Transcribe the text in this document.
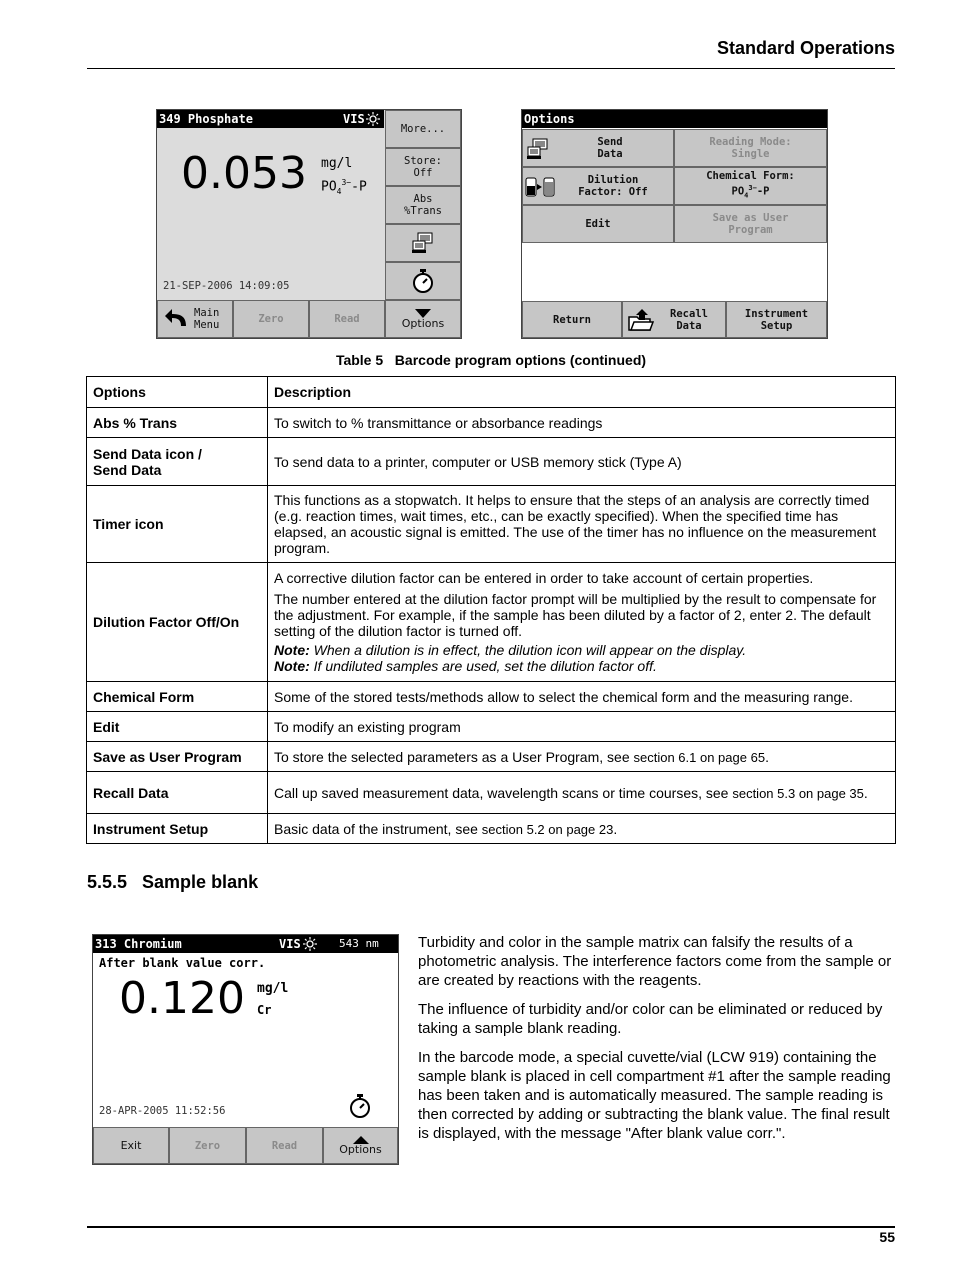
Standard Operations
349 Phosphate	VIS
0.053 mg/l
$PO_4^{3-}-P$
21-SEP-2006 14:09:05
More...
Store: Off
Abs %Trans
Options
Main Menu	Zero	Read
Options
Send Data
Reading Mode: Single
Dilution Factor: Off
Chemical Form:
$PO_4^{3-}-P$
Edit	Save as User Program
Return	Recall Data
Instrument Setup
Table 5   Barcode program options (continued)
Options	Description
Abs % Trans	To switch to % transmittance or absorbance readings

Send Data icon / Send Data	To send data to a printer, computer or USB memory stick (Type A)
Timer icon	This functions as a stopwatch. It helps to ensure that the steps of an analysis are correctly timed (e.g. reaction times, wait times, etc., can be exactly specified). When the specified time has elapsed, an acoustic signal is emitted. The use of the timer has no influence on the measurement program.
Dilution Factor Off/On	A corrective dilution factor can be entered in order to take account of certain properties.

The number entered at the dilution factor prompt will be multiplied by the result to compensate for the adjustment. For example, if the sample has been diluted by a factor of 2, enter 2. The default setting of the dilution factor is turned off.

Note: When a dilution is in effect, the dilution icon will appear on the display.
Note: If undiluted samples are used, set the dilution factor off.

Chemical Form	Some of the stored tests/methods allow to select the chemical form and the measuring range.
Edit	To modify an existing program
Save as User Program	To store the selected parameters as a User Program, see section 6.1 on page 65.
Recall Data	Call up saved measurement data, wavelength scans or time courses, see section 5.3 on page 35.
Instrument Setup	Basic data of the instrument, see section 5.2 on page 23.
5.5.5   Sample blank
313 Chromium	VIS	543 nm
After blank value corr.
0.120 mg/l
Cr
28-APR-2005 11:52:56
Exit	Zero	Read	Options

Turbidity and color in the sample matrix can falsify the results of a photometric analysis. The interference factors come from the sample or are created by reactions with the reagents.

The influence of turbidity and/or color can be eliminated or reduced by taking a sample blank reading.

In the barcode mode, a special cuvette/vial (LCW 919) containing the sample blank is placed in cell compartment #1 after the sample reading has been taken and is automatically measured. The sample reading is then corrected by adding or subtracting the blank value. The final result is displayed, with the message "After blank value corr.".

55
